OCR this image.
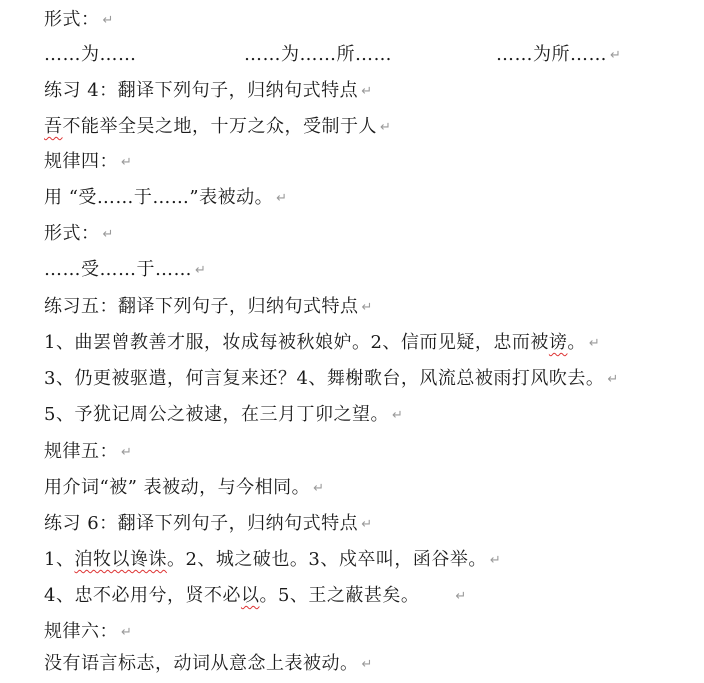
形式： ↵
……为……	……为……所……	……为所…… ↵
练习 4：翻译下列句子，归纳句式特点 ↵
吾不能举全吴之地，十万之众，受制于人 ↵
规律四： ↵
用 “受……于……”表被动。 ↵
形式： ↵
……受……于…… ↵
练习五：翻译下列句子，归纳句式特点 ↵
1、曲罢曾教善才服，妆成每被秋娘妒。2、信而见疑，忠而被谤。 ↵
3、仍更被驱遣，何言复来还？4、舞榭歌台，风流总被雨打风吹去。 ↵
5、予犹记周公之被逮，在三月丁卯之望。 ↵
规律五： ↵
用介词“被” 表被动，与今相同。 ↵
练习 6：翻译下列句子，归纳句式特点 ↵
1、洎牧以谗诛。2、城之破也。3、戍卒叫，函谷举。 ↵
4、忠不必用兮，贤不必以。5、王之蔽甚矣。	↵
规律六： ↵
没有语言标志，动词从意念上表被动。 ↵
